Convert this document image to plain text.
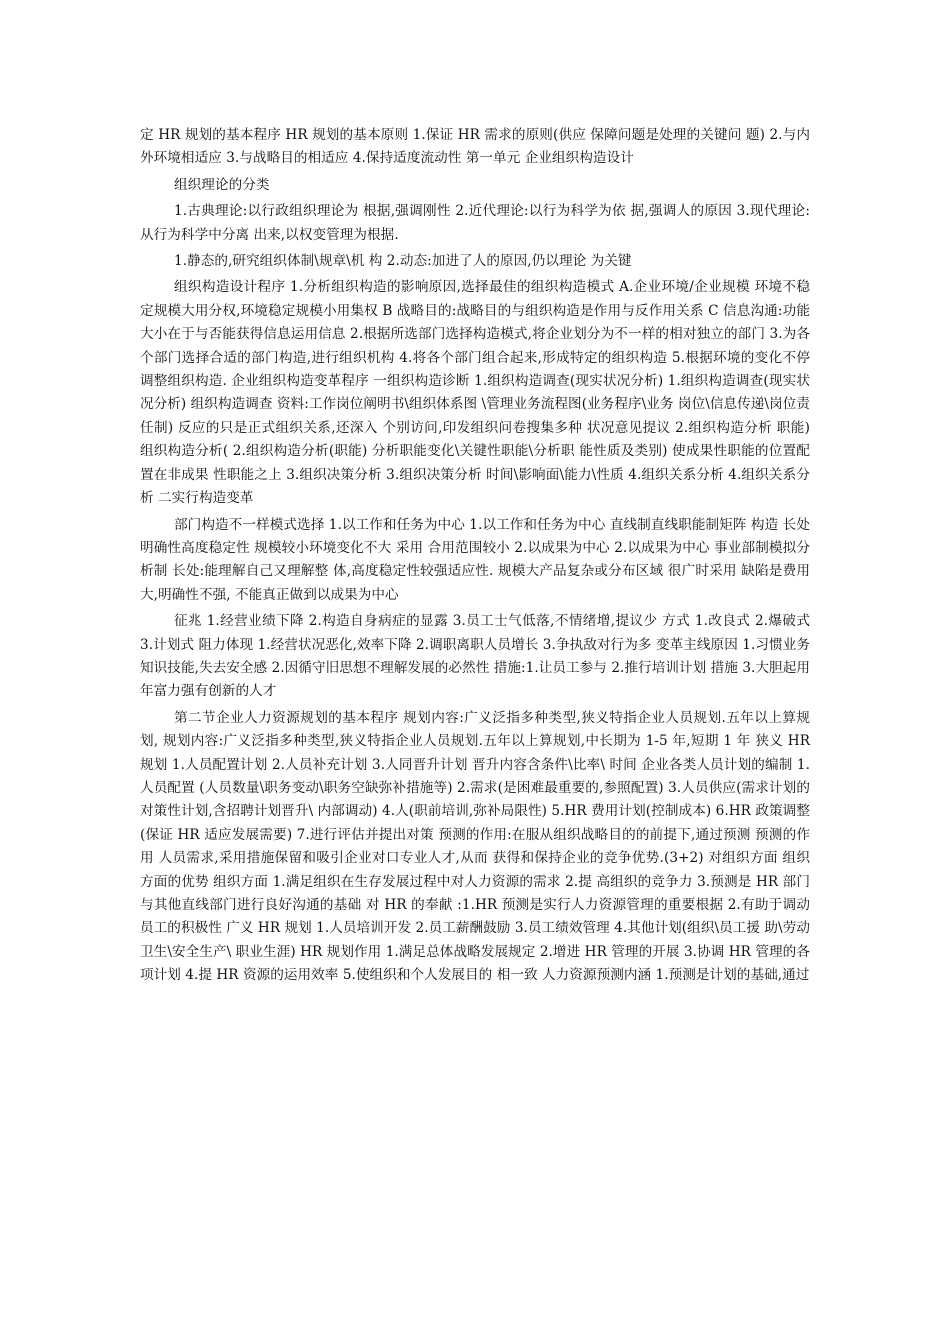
定 HR 规划的基本程序 HR 规划的基本原则 1.保证 HR 需求的原则(供应 保障问题是处理的关键问 题) 2.与内外环境相适应 3.与战略目的相适应 4.保持适度流动性 第一单元 企业组织构造设计

组织理论的分类

1.古典理论:以行政组织理论为 根据,强调刚性 2.近代理论:以行为科学为依 据,强调人的原因 3.现代理论:从行为科学中分离 出来,以权变管理为根据.

1.静态的,研究组织体制\规章\机 构 2.动态:加进了人的原因,仍以理论 为关键

组织构造设计程序 1.分析组织构造的影响原因,选择最佳的组织构造模式 A.企业环境/企业规模 环境不稳定规模大用分权,环境稳定规模小用集权 B 战略目的:战略目的与组织构造是作用与反作用关系 C 信息沟通:功能大小在于与否能获得信息运用信息 2.根据所选部门选择构造模式,将企业划分为不一样的相对独立的部门 3.为各个部门选择合适的部门构造,进行组织机构 4.将各个部门组合起来,形成特定的组织构造 5.根据环境的变化不停调整组织构造. 企业组织构造变革程序 一组织构造诊断 1.组织构造调查(现实状况分析) 1.组织构造调查(现实状况分析) 组织构造调查 资料:工作岗位阐明书\组织体系图 \管理业务流程图(业务程序\业务 岗位\信息传递\岗位责任制) 反应的只是正式组织关系,还深入 个别访问,印发组织问卷搜集多种 状况意见提议 2.组织构造分析 职能) 组织构造分析( 2.组织构造分析(职能) 分析职能变化\关键性职能\分析职 能性质及类别) 使成果性职能的位置配置在非成果 性职能之上 3.组织决策分析 3.组织决策分析 时间\影响面\能力\性质 4.组织关系分析 4.组织关系分析 二实行构造变革

部门构造不一样模式选择 1.以工作和任务为中心 1.以工作和任务为中心 直线制直线职能制矩阵 构造 长处明确性高度稳定性 规模较小环境变化不大 采用 合用范围较小 2.以成果为中心 2.以成果为中心 事业部制模拟分析制 长处:能理解自己又理解整 体,高度稳定性较强适应性. 规模大产品复杂或分布区域 很广时采用 缺陷是费用大,明确性不强, 不能真正做到以成果为中心

征兆 1.经营业绩下降 2.构造自身病症的显露 3.员工士气低落,不情绪增,提议少 方式 1.改良式 2.爆破式 3.计划式 阻力体现 1.经营状况恶化,效率下降 2.调职离职人员增长 3.争执敌对行为多 变革主线原因 1.习惯业务知识技能,失去安全感 2.因循守旧思想不理解发展的必然性 措施:1.让员工参与 2.推行培训计划 措施 3.大胆起用年富力强有创新的人才

第二节企业人力资源规划的基本程序 规划内容:广义泛指多种类型,狭义特指企业人员规划.五年以上算规划, 规划内容:广义泛指多种类型,狭义特指企业人员规划.五年以上算规划,中长期为 1-5 年,短期 1 年 狭义 HR 规划 1.人员配置计划 2.人员补充计划 3.人同晋升计划 晋升内容含条件\比率\ 时间 企业各类人员计划的编制 1.人员配置 (人员数量\职务变动\职务空缺弥补措施等) 2.需求(是困难最重要的,参照配置) 3.人员供应(需求计划的对策性计划,含招聘计划晋升\ 内部调动) 4.人(职前培训,弥补局限性) 5.HR 费用计划(控制成本) 6.HR 政策调整(保证 HR 适应发展需要) 7.进行评估并提出对策 预测的作用:在服从组织战略目的的前提下,通过预测 预测的作用 人员需求,采用措施保留和吸引企业对口专业人才,从而 获得和保持企业的竞争优势.(3+2) 对组织方面 组织方面的优势 组织方面 1.满足组织在生存发展过程中对人力资源的需求 2.提 高组织的竞争力 3.预测是 HR 部门与其他直线部门进行良好沟通的基础 对 HR 的奉献 :1.HR 预测是实行人力资源管理的重要根据 2.有助于调动员工的积极性 广义 HR 规划 1.人员培训开发 2.员工薪酬鼓励 3.员工绩效管理 4.其他计划(组织\员工援 助\劳动卫生\安全生产\ 职业生涯) HR 规划作用 1.满足总体战略发展规定 2.增进 HR 管理的开展 3.协调 HR 管理的各项计划 4.提 HR 资源的运用效率 5.使组织和个人发展目的 相一致 人力资源预测内涵 1.预测是计划的基础,通过
